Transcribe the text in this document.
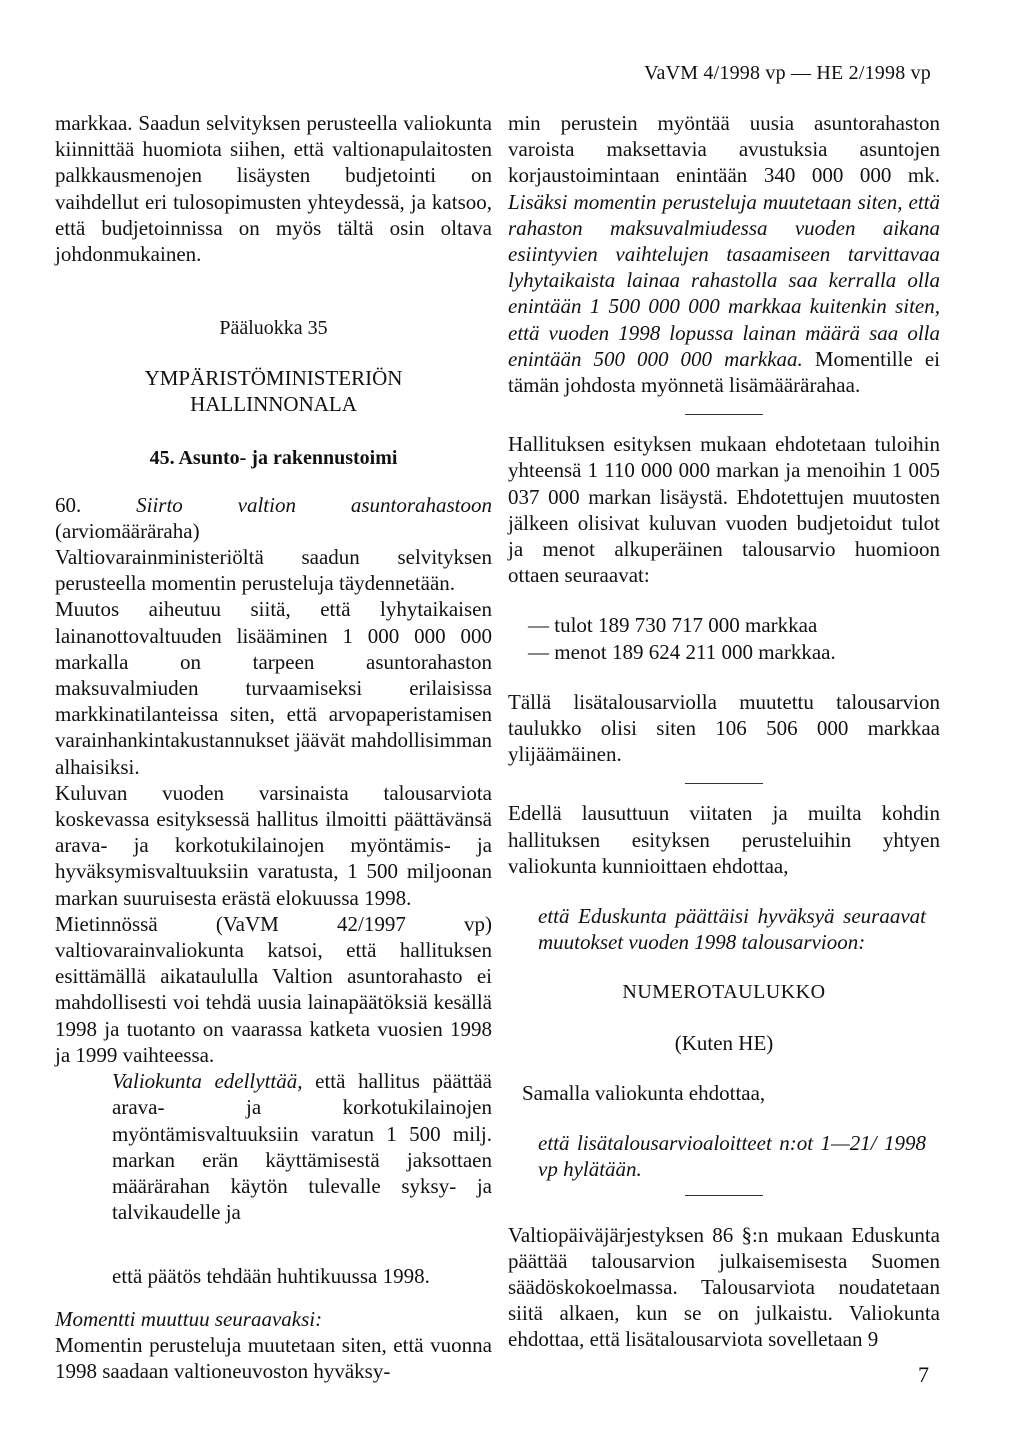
VaVM 4/1998 vp — HE 2/1998 vp

markkaa. Saadun selvityksen perusteella valiokunta kiinnittää huomiota siihen, että valtionapulaitosten palkkausmenojen lisäysten budjetointi on vaihdellut eri tulosopimusten yhteydessä, ja katsoo, että budjetoinnissa on myös tältä osin oltava johdonmukainen.

Pääluokka 35

YMPÄRISTÖMINISTERIÖN HALLINNONALA

45. Asunto- ja rakennustoimi

60.	Siirto valtion asuntorahastoon (arviomääräraha)

Valtiovarainministeriöltä saadun selvityksen perusteella momentin perusteluja täydennetään.

Muutos aiheutuu siitä, että lyhytaikaisen lainanottovaltuuden lisääminen 1 000 000 000 markalla on tarpeen asuntorahaston maksuvalmiuden turvaamiseksi erilaisissa markkinatilanteissa siten, että arvopaperistamisen varainhankintakustannukset jäävät mahdollisimman alhaisiksi.

Kuluvan vuoden varsinaista talousarviota koskevassa esityksessä hallitus ilmoitti päättävänsä arava- ja korkotukilainojen myöntämis- ja hyväksymisvaltuuksiin varatusta, 1 500 miljoonan markan suuruisesta erästä elokuussa 1998.

Mietinnössä (VaVM 42/1997 vp) valtiovarainvaliokunta katsoi, että hallituksen esittämällä aikataululla Valtion asuntorahasto ei mahdollisesti voi tehdä uusia lainapäätöksiä kesällä 1998 ja tuotanto on vaarassa katketa vuosien 1998 ja 1999 vaihteessa.

Valiokunta edellyttää, että hallitus päättää arava- ja korkotukilainojen myöntämisvaltuuksiin varatun 1 500 milj. markan erän käyttämisestä jaksottaen määrärahan käytön tulevalle syksy- ja talvikaudelle ja

että päätös tehdään huhtikuussa 1998.

Momentti muuttuu seuraavaksi:

Momentin perusteluja muutetaan siten, että vuonna 1998 saadaan valtioneuvoston hyväksy-

min perustein myöntää uusia asuntorahaston varoista maksettavia avustuksia asuntojen korjaustoimintaan enintään 340 000 000 mk. Lisäksi momentin perusteluja muutetaan siten, että rahaston maksuvalmiudessa vuoden aikana esiintyvien vaihtelujen tasaamiseen tarvittavaa lyhytaikaista lainaa rahastolla saa kerralla olla enintään 1 500 000 000 markkaa kuitenkin siten, että vuoden 1998 lopussa lainan määrä saa olla enintään 500 000 000 markkaa. Momentille ei tämän johdosta myönnetä lisämäärärahaa.

Hallituksen esityksen mukaan ehdotetaan tuloihin yhteensä 1 110 000 000 markan ja menoihin 1 005 037 000 markan lisäystä. Ehdotettujen muutosten jälkeen olisivat kuluvan vuoden budjetoidut tulot ja menot alkuperäinen talousarvio huomioon ottaen seuraavat:

— tulot 189 730 717 000 markkaa

— menot 189 624 211 000 markkaa.

Tällä lisätalousarviolla muutettu talousarvion taulukko olisi siten 106 506 000 markkaa ylijäämäinen.

Edellä lausuttuun viitaten ja muilta kohdin hallituksen esityksen perusteluihin yhtyen valiokunta kunnioittaen ehdottaa,

että Eduskunta päättäisi hyväksyä seuraavat muutokset vuoden 1998 talousarvioon:

NUMEROTAULUKKO

(Kuten HE)

Samalla valiokunta ehdottaa,

että lisätalousarvioaloitteet n:ot 1—21/ 1998 vp hylätään.

Valtiopäiväjärjestyksen 86 §:n mukaan Eduskunta päättää talousarvion julkaisemisesta Suomen säädöskokoelmassa. Talousarviota noudatetaan siitä alkaen, kun se on julkaistu. Valiokunta ehdottaa, että lisätalousarviota sovelletaan 9

7
